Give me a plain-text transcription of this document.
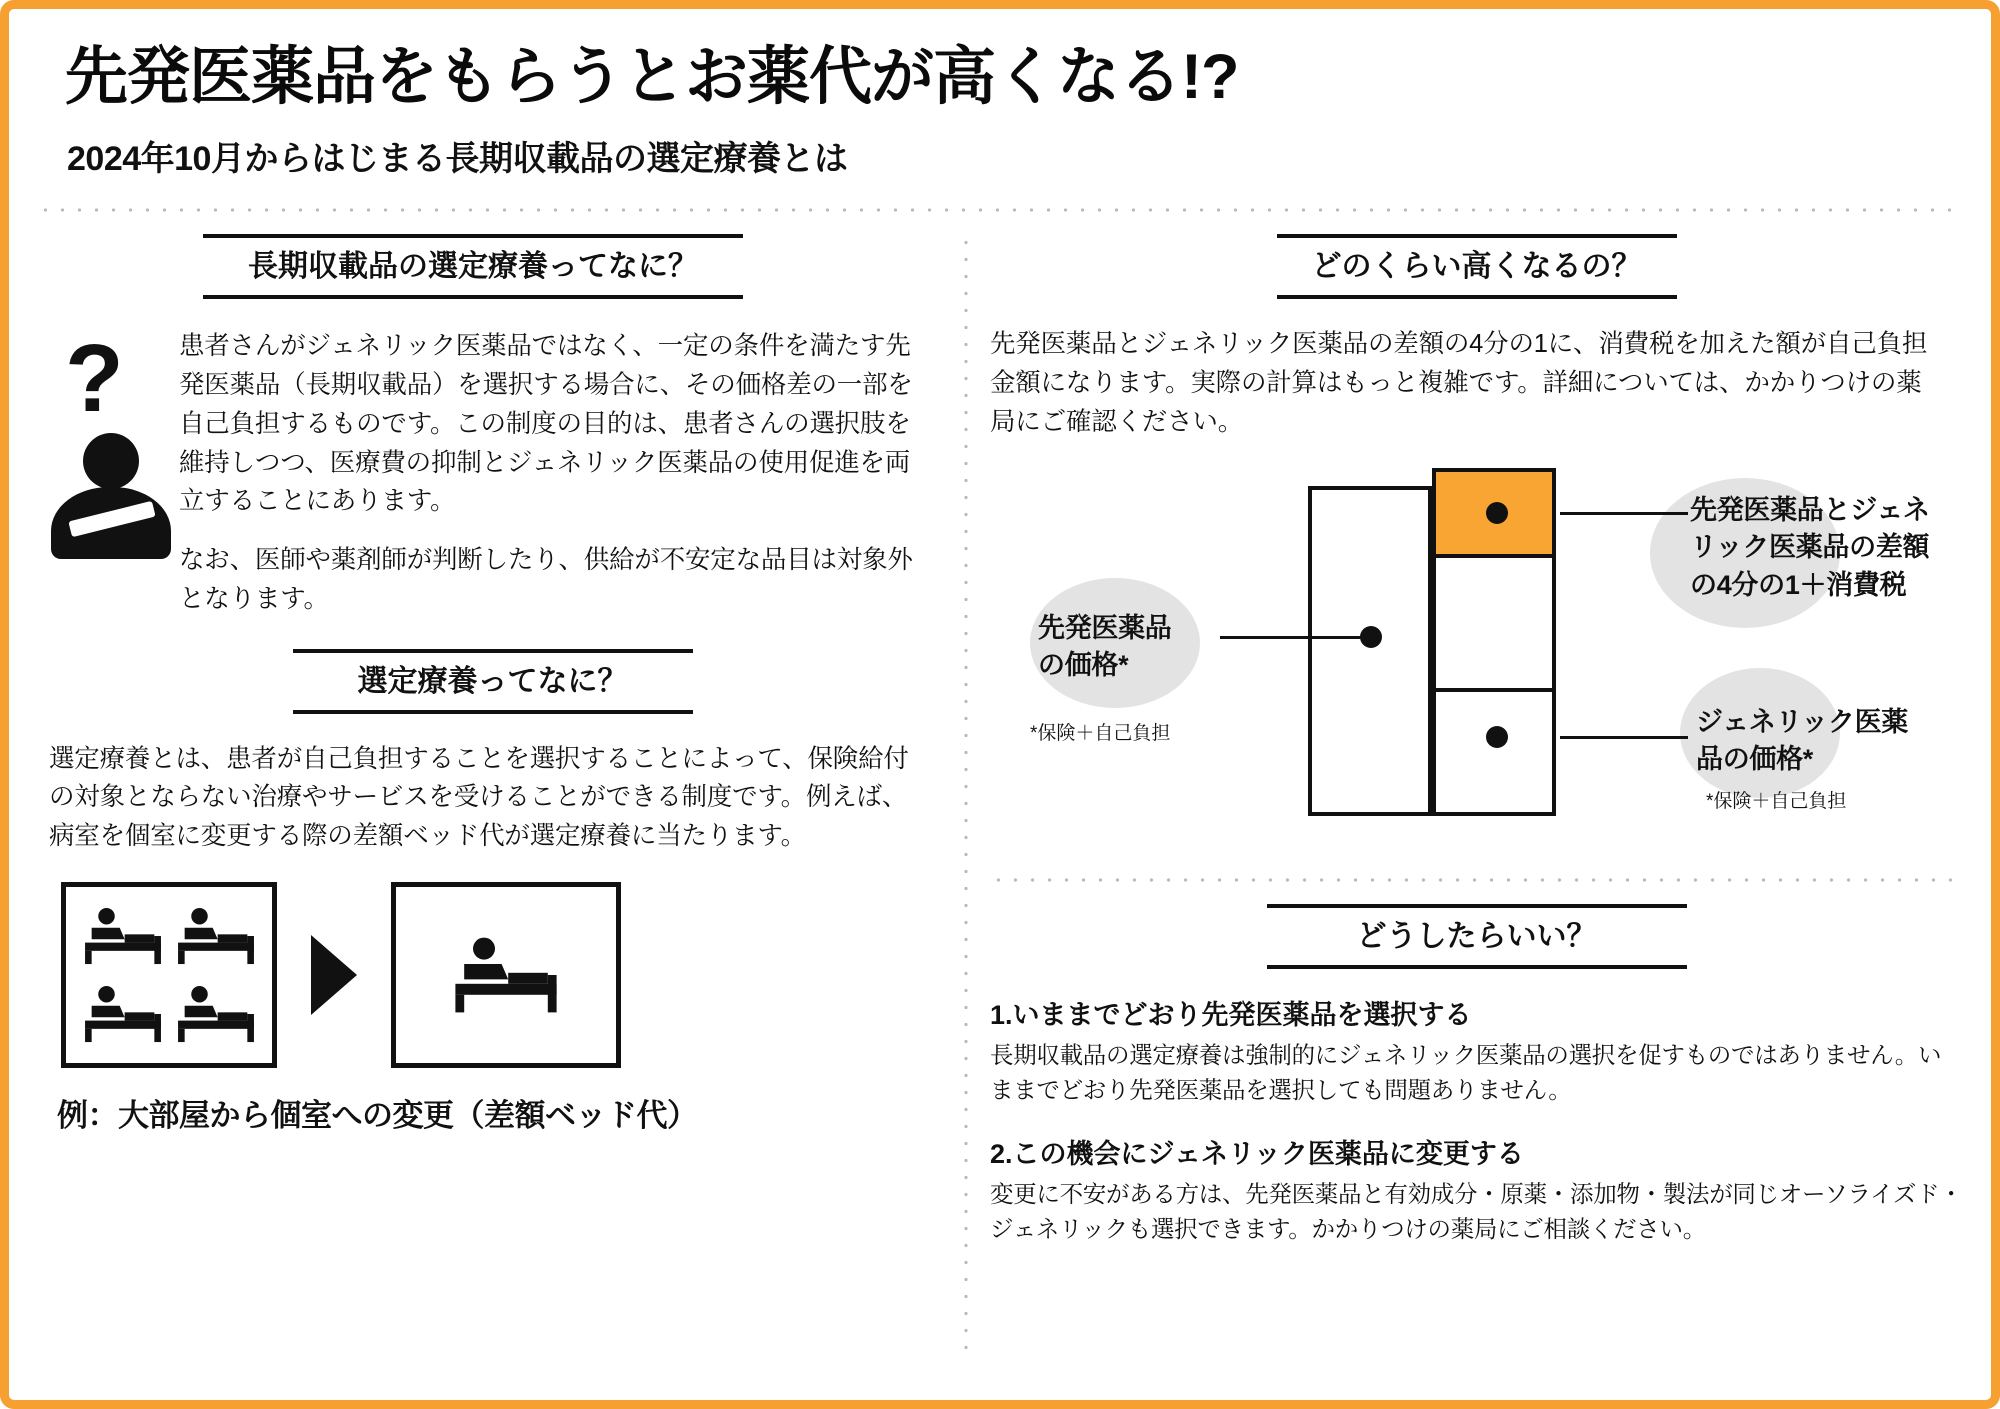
先発医薬品をもらうとお薬代が高くなる!?
2024年10月からはじまる長期収載品の選定療養とは
長期収載品の選定療養ってなに？
?	患者さんがジェネリック医薬品ではなく、一定の条件を満たす先発医薬品（長期収載品）を選択する場合に、その価格差の一部を自己負担するものです。この制度の目的は、患者さんの選択肢を維持しつつ、医療費の抑制とジェネリック医薬品の使用促進を両立することにあります。
なお、医師や薬剤師が判断したり、供給が不安定な品目は対象外となります。
選定療養ってなに？
選定療養とは、患者が自己負担することを選択することによって、保険給付の対象とならない治療やサービスを受けることができる制度です。例えば、病室を個室に変更する際の差額ベッド代が選定療養に当たります。
例：大部屋から個室への変更（差額ベッド代）
どのくらい高くなるの？
先発医薬品とジェネリック医薬品の差額の4分の1に、消費税を加えた額が自己負担金額になります。実際の計算はもっと複雑です。詳細については、かかりつけの薬局にご確認ください。
先発医薬品
の価格*
*保険＋自己負担
先発医薬品とジェネ
リック医薬品の差額
の4分の1＋消費税
ジェネリック医薬
品の価格*
*保険＋自己負担
どうしたらいい？
1.いままでどおり先発医薬品を選択する
長期収載品の選定療養は強制的にジェネリック医薬品の選択を促すものではありません。いままでどおり先発医薬品を選択しても問題ありません。
2.この機会にジェネリック医薬品に変更する
変更に不安がある方は、先発医薬品と有効成分・原薬・添加物・製法が同じオーソライズド・ジェネリックも選択できます。かかりつけの薬局にご相談ください。
